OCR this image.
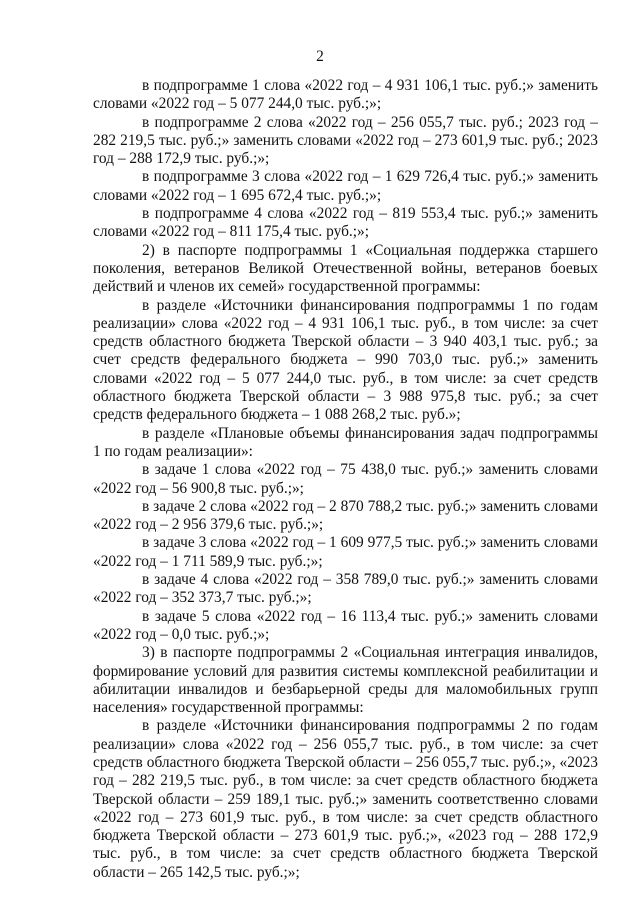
2

в подпрограмме 1 слова «2022 год – 4 931 106,1 тыс. руб.;» заменить словами «2022 год – 5 077 244,0 тыс. руб.;»;

в подпрограмме 2 слова «2022 год – 256 055,7 тыс. руб.; 2023 год – 282 219,5 тыс. руб.;» заменить словами «2022 год – 273 601,9 тыс. руб.; 2023 год – 288 172,9 тыс. руб.;»;

в подпрограмме 3 слова «2022 год – 1 629 726,4 тыс. руб.;» заменить словами «2022 год – 1 695 672,4 тыс. руб.;»;

в подпрограмме 4 слова «2022 год – 819 553,4 тыс. руб.;» заменить словами «2022 год – 811 175,4 тыс. руб.;»;

2) в паспорте подпрограммы 1 «Социальная поддержка старшего поколения, ветеранов Великой Отечественной войны, ветеранов боевых действий и членов их семей» государственной программы:

в разделе «Источники финансирования подпрограммы 1 по годам реализации» слова «2022 год – 4 931 106,1 тыс. руб., в том числе: за счет средств областного бюджета Тверской области – 3 940 403,1 тыс. руб.; за счет средств федерального бюджета – 990 703,0 тыс. руб.;» заменить словами «2022 год – 5 077 244,0 тыс. руб., в том числе: за счет средств областного бюджета Тверской области – 3 988 975,8 тыс. руб.; за счет средств федерального бюджета – 1 088 268,2 тыс. руб.»;

в разделе «Плановые объемы финансирования задач подпрограммы 1 по годам реализации»:

в задаче 1 слова «2022 год – 75 438,0 тыс. руб.;» заменить словами «2022 год – 56 900,8 тыс. руб.;»;

в задаче 2 слова «2022 год – 2 870 788,2 тыс. руб.;» заменить словами «2022 год – 2 956 379,6 тыс. руб.;»;

в задаче 3 слова «2022 год – 1 609 977,5 тыс. руб.;» заменить словами «2022 год – 1 711 589,9 тыс. руб.;»;

в задаче 4 слова «2022 год – 358 789,0 тыс. руб.;» заменить словами «2022 год – 352 373,7 тыс. руб.;»;

в задаче 5 слова «2022 год – 16 113,4 тыс. руб.;» заменить словами «2022 год – 0,0 тыс. руб.;»;

3) в паспорте подпрограммы 2 «Социальная интеграция инвалидов, формирование условий для развития системы комплексной реабилитации и абилитации инвалидов и безбарьерной среды для маломобильных групп населения» государственной программы:

в разделе «Источники финансирования подпрограммы 2 по годам реализации» слова «2022 год – 256 055,7 тыс. руб., в том числе: за счет средств областного бюджета Тверской области – 256 055,7 тыс. руб.;», «2023 год – 282 219,5 тыс. руб., в том числе: за счет средств областного бюджета Тверской области – 259 189,1 тыс. руб.;» заменить соответственно словами «2022 год – 273 601,9 тыс. руб., в том числе: за счет средств областного бюджета Тверской области – 273 601,9 тыс. руб.;», «2023 год – 288 172,9 тыс. руб., в том числе: за счет средств областного бюджета Тверской области – 265 142,5 тыс. руб.;»;
